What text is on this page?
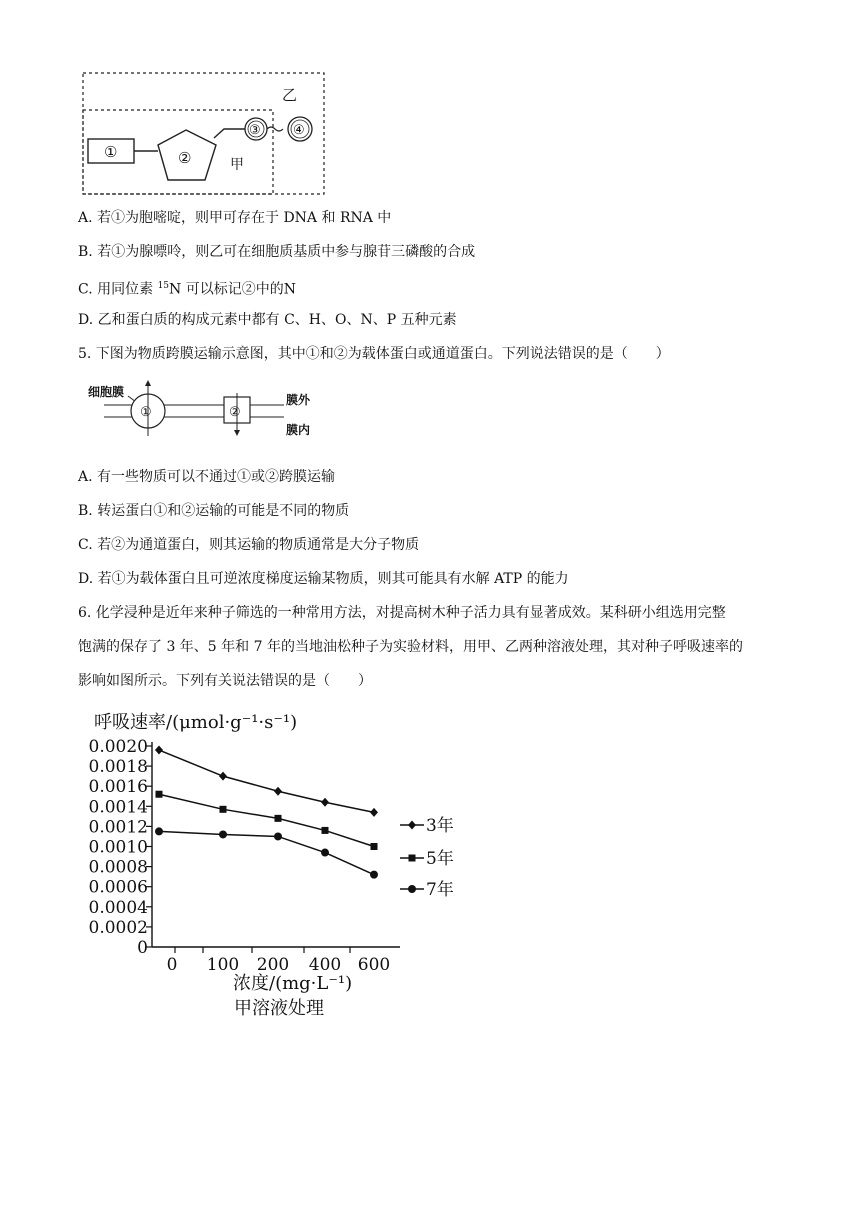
乙
①	②
③ ④
甲
A. 若①为胞嘧啶，则甲可存在于 DNA 和 RNA 中
B. 若①为腺嘌呤，则乙可在细胞质基质中参与腺苷三磷酸的合成
C. 用同位素 $^{15}$N 可以标记②中的N
D. 乙和蛋白质的构成元素中都有 C、H、O、N、P 五种元素
5. 下图为物质跨膜运输示意图，其中①和②为载体蛋白或通道蛋白。下列说法错误的是（　　）
细胞膜
①	②
膜外
膜内
A. 有一些物质可以不通过①或②跨膜运输
B. 转运蛋白①和②运输的可能是不同的物质
C. 若②为通道蛋白，则其运输的物质通常是大分子物质
D. 若①为载体蛋白且可逆浓度梯度运输某物质，则其可能具有水解 ATP 的能力
6. 化学浸种是近年来种子筛选的一种常用方法，对提高树木种子活力具有显著成效。某科研小组选用完整
饱满的保存了 3 年、5 年和 7 年的当地油松种子为实验材料，用甲、乙两种溶液处理，其对种子呼吸速率的
影响如图所示。下列有关说法错误的是（　　）
呼吸速率/(μmol·g⁻¹·s⁻¹)
浓度/(mg·L⁻¹)
甲溶液处理
0.0020
0.0018
0.0016
0.0014
0.0012
0.0010
0.0008
0.0006
0.0004
0.0002
0
0 100 200 400 600
3年
5年
7年
